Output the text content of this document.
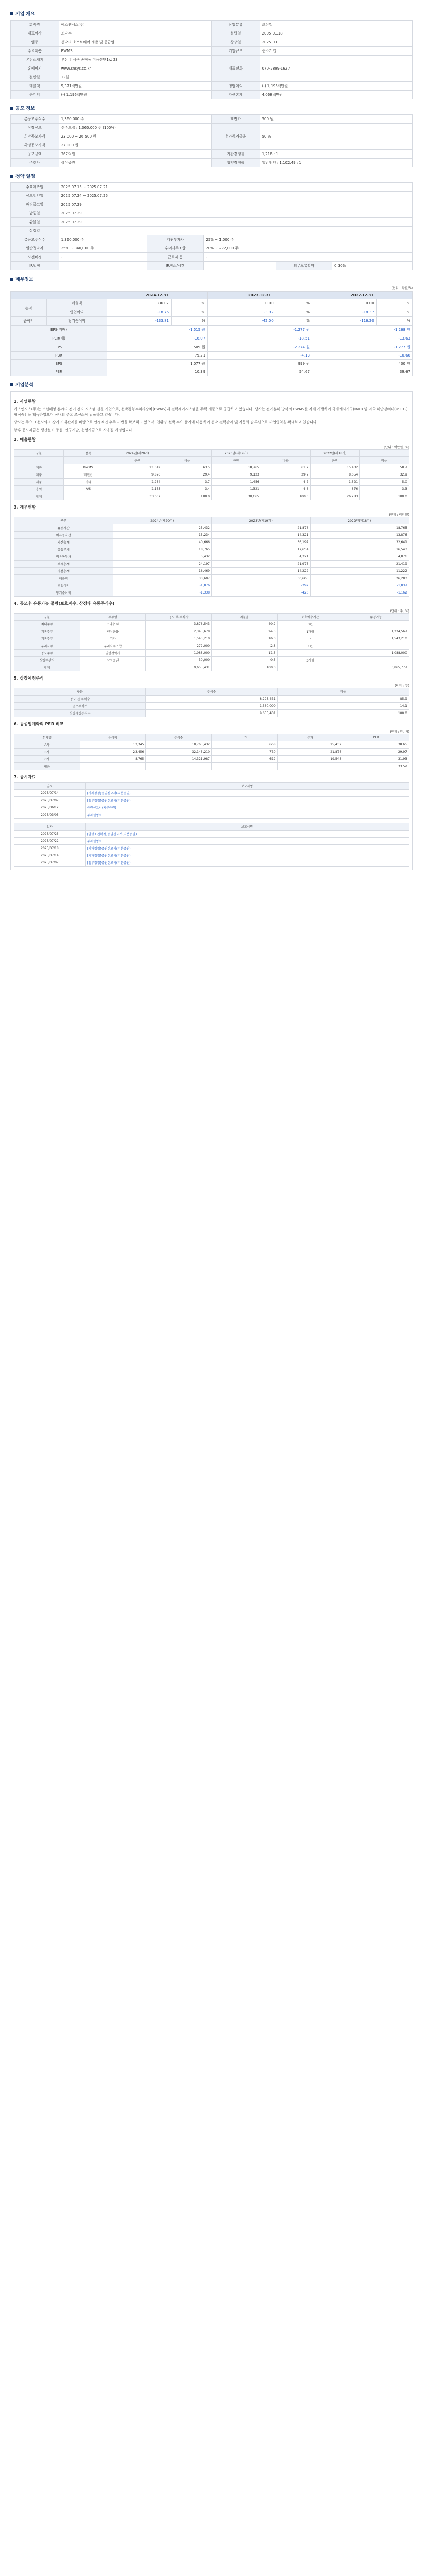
기업 개요
회사명	에스엔시스(주)	산업분류	조선업
대표이사	조나수	설립일	2005.01.18
업종	선박의 소프트웨어 개발 및 공급업	상장일	2025.03
주요제품	BWMS	기업규모	중소기업
본점소재지	부산 강서구 송정동 미음산단1로 23		
홈페이지	www.snsys.co.kr	대표전화	070-7899-1627
결산월	12월		
매출액	5,371백만원	영업이익	(-) 1,195백만원
순이익	(-) 1,196백만원	자산총계	4,068백만원
공모 정보
총공모주식수	1,360,000 주	액면가	500 원
상장공모	신주모집 : 1,360,000 주 (100%)		
희망공모가액	23,000 ~ 26,500 원	청약증거금율	50 %
확정공모가액	27,000 원		
공모금액	367억원	기관경쟁률	1,216 : 1
주간사	삼성증권	청약경쟁률	일반청약 : 1,102.49 : 1
청약 일정
수요예측일	2025.07.15 ~ 2025.07.21				
공모청약일	2025.07.24 ~ 2025.07.25				
배정공고일	2025.07.29				
납입일	2025.07.29				
환불일	2025.07.29				
상장일					
총공모주식수	1,360,000 주	기관투자자	25% ~ 1,000 주		
일반청약자	25% ~ 340,000 주	우리사주조합	20% ~ 272,000 주		
사전배정	-	근로자 등	-		
IR일정		IR장소/시간		의무보유확약	0.30%
재무정보
(단위 : 억원/%)
		2024.12.31		2023.12.31		2022.12.31	
손익	매출액	336.07	%	0.00	%	0.00	%
	영업이익	-18.76	%	-3.92	%	-18.37	%
순이익	당기순이익	-133.81	%	-42.00	%	-116.20	%
EPS(지배)		-1.515 원		-1.277 원		-1.268 원	
PER(배)		-16.07		-18.51		-13.63	
EPS		509 원		-2.274 원		-1.277 원	
PBR		79.21		-4.13		-10.66	
BPS		1.077 원		999 원		400 원	
PSR		10.39		54.67		39.67	
기업분석
1. 사업현황
에스엔시스(주)는 조선해양 분야의 전기·전자 시스템 전문 기업으로, 선박평형수처리장치(BWMS)와 전력제어시스템을 주력 제품으로 공급하고 있습니다. 당사는 전기분해 방식의 BWMS를 자체 개발하여 국제해사기구(IMO) 및 미국 해안경비대(USCG) 형식승인을 획득하였으며 국내외 주요 조선소에 납품하고 있습니다.
당사는 주요 조선사와의 장기 거래관계를 바탕으로 안정적인 수주 기반을 확보하고 있으며, 친환경 선박 수요 증가에 대응하여 선박 전력관리 및 자동화 솔루션으로 사업영역을 확대하고 있습니다.
향후 공모자금은 생산설비 증설, 연구개발, 운영자금으로 사용될 예정입니다.
2. 매출현황
(단위 : 백만원, %)
구분	품목	2024년(제20기)		2023년(제19기)		2022년(제18기)	
		금액	비율	금액	비율	금액	비율
제품	BWMS	21,342	63.5	18,765	61.2	15,432	58.7
제품	배전반	9,876	29.4	9,123	29.7	8,654	32.9
제품	기타	1,234	3.7	1,456	4.7	1,321	5.0
용역	A/S	1,155	3.4	1,321	4.3	876	3.3
합계		33,607	100.0	30,665	100.0	26,283	100.0
3. 재무현황
(단위 : 백만원)
구분	2024년(제20기)	2023년(제19기)	2022년(제18기)
유동자산	25,432	21,876	18,765
비유동자산	15,234	14,321	13,876
자산총계	40,666	36,197	32,641
유동부채	18,765	17,654	16,543
비유동부채	5,432	4,321	4,876
부채총계	24,197	21,975	21,419
자본총계	16,469	14,222	11,222
매출액	33,607	30,665	26,283
영업이익	-1,876	-392	-1,837
당기순이익	-1,338	-420	-1,162
4. 공모후 유통가능 물량(보호예수, 상장후 유통주식수)
(단위 : 주, %)
구분	주주명	공모 후 주식수	지분율	보호예수기간	유통가능
최대주주	조나수 외	3,876,543	40.2	3년	-
기존주주	벤처금융	2,345,678	24.3	1개월	1,234,567
기존주주	기타	1,543,210	16.0	-	1,543,210
우리사주	우리사주조합	272,000	2.8	1년	-
공모주주	일반청약자	1,088,000	11.3	-	1,088,000
상장주관사	삼성증권	30,000	0.3	3개월	-
합계		9,655,431	100.0		3,865,777
5. 상장예정주식
(단위 : 주)
구분	주식수	비율
공모 전 주식수	8,295,431	85.9
공모주식수	1,360,000	14.1
상장예정주식수	9,655,431	100.0
6. 동종업계와의 PER 비교
(단위 : 원, 배)
회사명	순이익	주식수	EPS	주가	PER
A사	12,345	18,765,432	658	25,432	38.65
B사	23,456	32,143,210	730	21,876	29.97
C사	8,765	14,321,987	612	19,543	31.93
평균					33.52
7. 공시자료
일자	보고서명
2025/07/14	[기재정정]증권신고서(지분증권)
2025/07/07	[첨부정정]증권신고서(지분증권)
2025/06/12	증권신고서(지분증권)
2025/03/05	투자설명서
일자	보고서명
2025/07/25	[발행조건확정]증권신고서(지분증권)
2025/07/22	투자설명서
2025/07/18	[기재정정]증권신고서(지분증권)
2025/07/14	[기재정정]증권신고서(지분증권)
2025/07/07	[첨부정정]증권신고서(지분증권)
